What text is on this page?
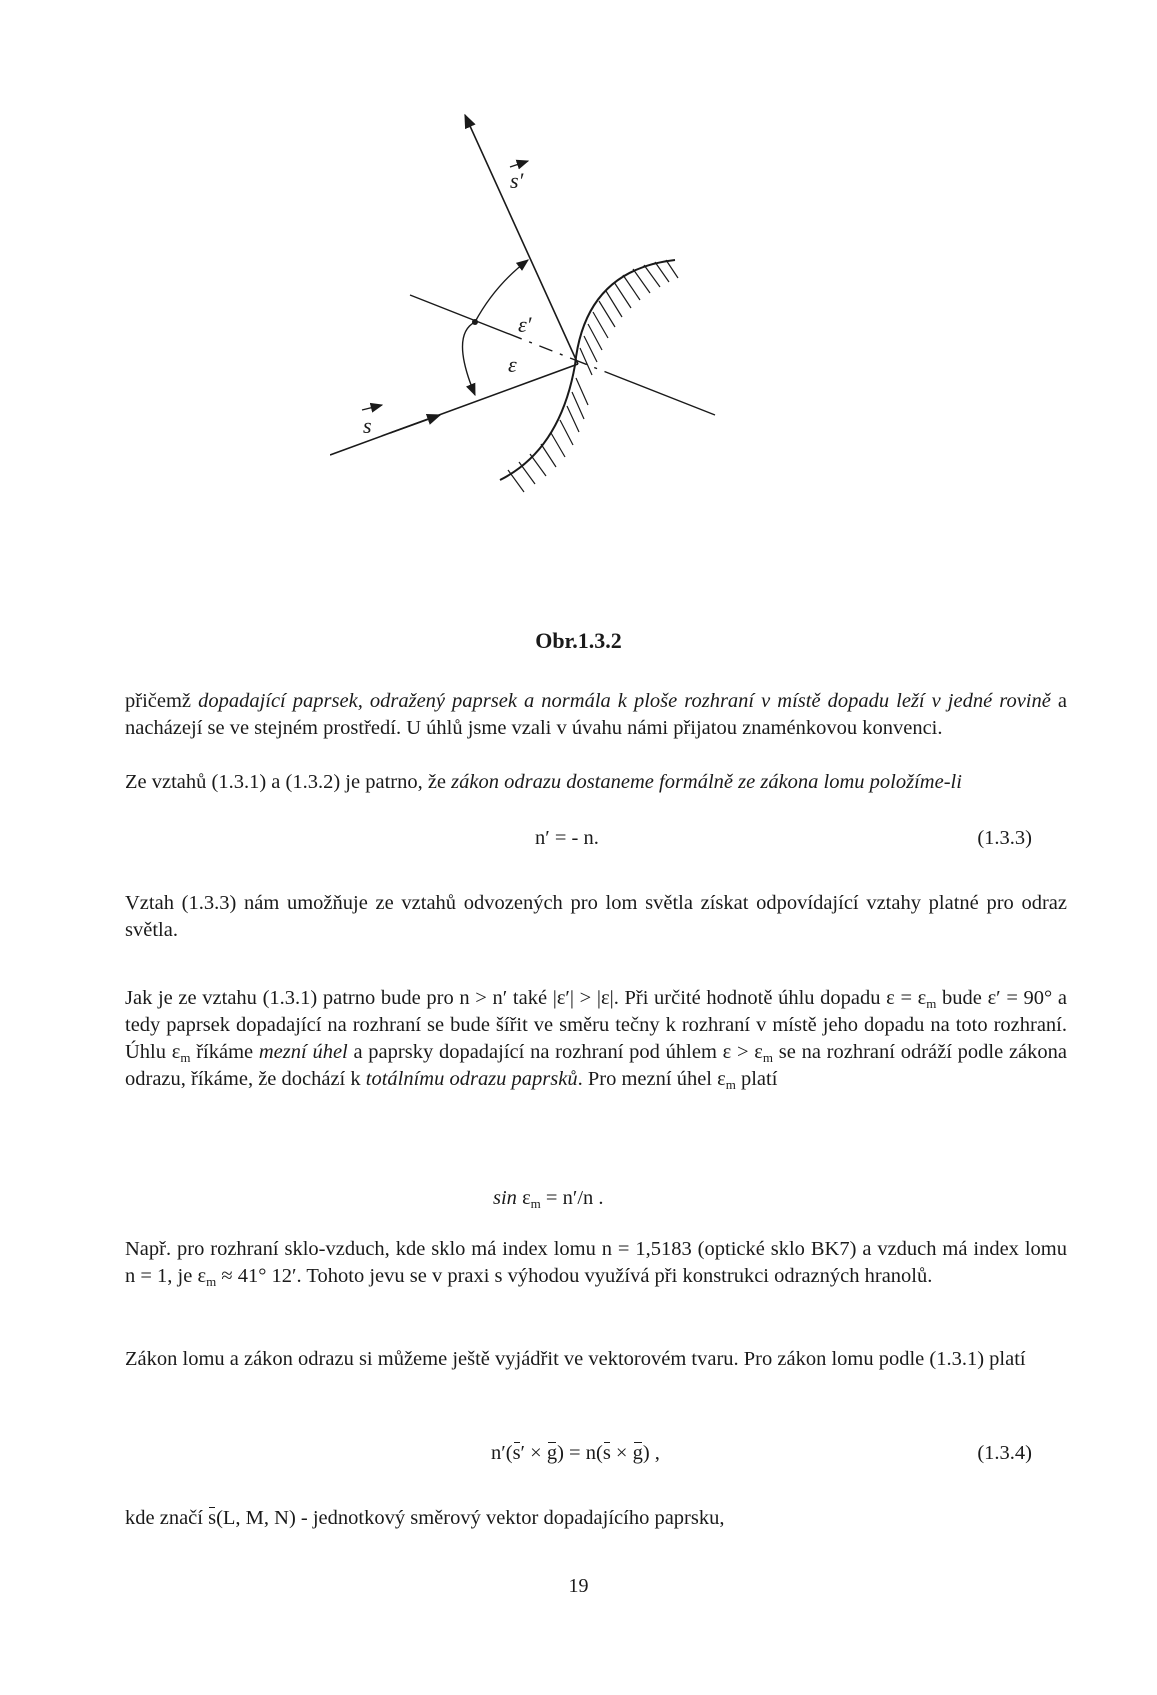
s′
s
ε′
ε
Obr.1.3.2
přičemž dopadající paprsek, odražený paprsek a normála k ploše rozhraní v místě dopadu leží v jedné rovině a nacházejí se ve stejném prostředí. U úhlů jsme vzali v úvahu námi přijatou znaménkovou konvenci.
Ze vztahů (1.3.1) a (1.3.2) je patrno, že zákon odrazu dostaneme formálně ze zákona lomu položíme-li
n′ = - n.	(1.3.3)
Vztah (1.3.3) nám umožňuje ze vztahů odvozených pro lom světla získat odpovídající vztahy platné pro odraz světla.
Jak je ze vztahu (1.3.1) patrno bude pro n > n′ také |ε′| > |ε|. Při určité hodnotě úhlu dopadu $\varepsilon = \varepsilon_m$ bude ε′ = 90° a tedy paprsek dopadající na rozhraní se bude šířit ve směru tečny k rozhraní v místě jeho dopadu na toto rozhraní. Úhlu $\varepsilon_m$ říkáme mezní úhel a paprsky dopadající na rozhraní pod úhlem $\varepsilon > \varepsilon_m$ se na rozhraní odráží podle zákona odrazu, říkáme, že dochází k totálnímu odrazu paprsků. Pro mezní úhel $\varepsilon_m$ platí
$\sin \varepsilon_m = n'/n$ .
Např. pro rozhraní sklo-vzduch, kde sklo má index lomu n = 1,5183 (optické sklo BK7) a vzduch má index lomu n = 1, je $\varepsilon_m \approx 41^\circ$ 12′. Tohoto jevu se v praxi s výhodou využívá při konstrukci odrazných hranolů.
Zákon lomu a zákon odrazu si můžeme ještě vyjádřit ve vektorovém tvaru. Pro zákon lomu podle (1.3.1) platí
n′(s′ × g) = n(s × g) ,	(1.3.4)
kde značí s(L, M, N) - jednotkový směrový vektor dopadajícího paprsku,
19
